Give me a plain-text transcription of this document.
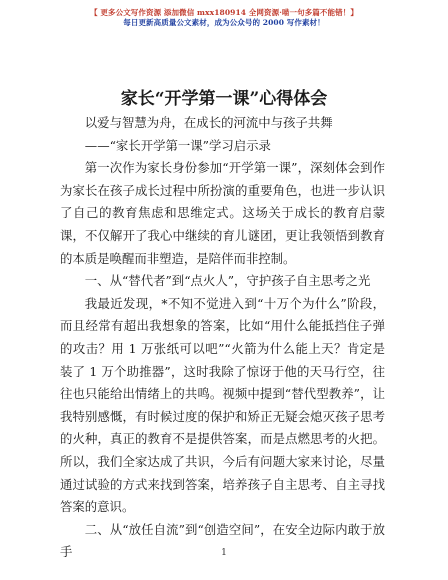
【 更多公文写作资源 添加微信 mxx180914 全网资源·喵一句多篇不能错！】
每日更新高质量公文素材，成为公众号的 2000 写作素材！
家长“开学第一课”心得体会

以爱与智慧为舟，在成长的河流中与孩子共舞

——“家长开学第一课”学习启示录

第一次作为家长身份参加“开学第一课”，深刻体会到作为家长在孩子成长过程中所扮演的重要角色，也进一步认识了自己的教育焦虑和思维定式。这场关于成长的教育启蒙课，不仅解开了我心中继续的育儿谜团，更让我领悟到教育的本质是唤醒而非塑造，是陪伴而非控制。

一、从“替代者”到“点火人”，守护孩子自主思考之光

我最近发现，*不知不觉进入到“十万个为什么”阶段，而且经常有超出我想象的答案，比如“用什么能抵挡住子弹的攻击？用 1 万张纸可以吧”“火箭为什么能上天？肯定是装了 1 万个助推器”，这时我除了惊讶于他的天马行空，往往也只能给出情绪上的共鸣。视频中提到“替代型教养”，让我特别感慨，有时候过度的保护和矫正无疑会熄灭孩子思考的火种，真正的教育不是提供答案，而是点燃思考的火把。所以，我们全家达成了共识，今后有问题大家来讨论，尽量通过试验的方式来找到答案，培养孩子自主思考、自主寻找答案的意识。

二、从“放任自流”到“创造空间”，在安全边际内敢于放手	1
